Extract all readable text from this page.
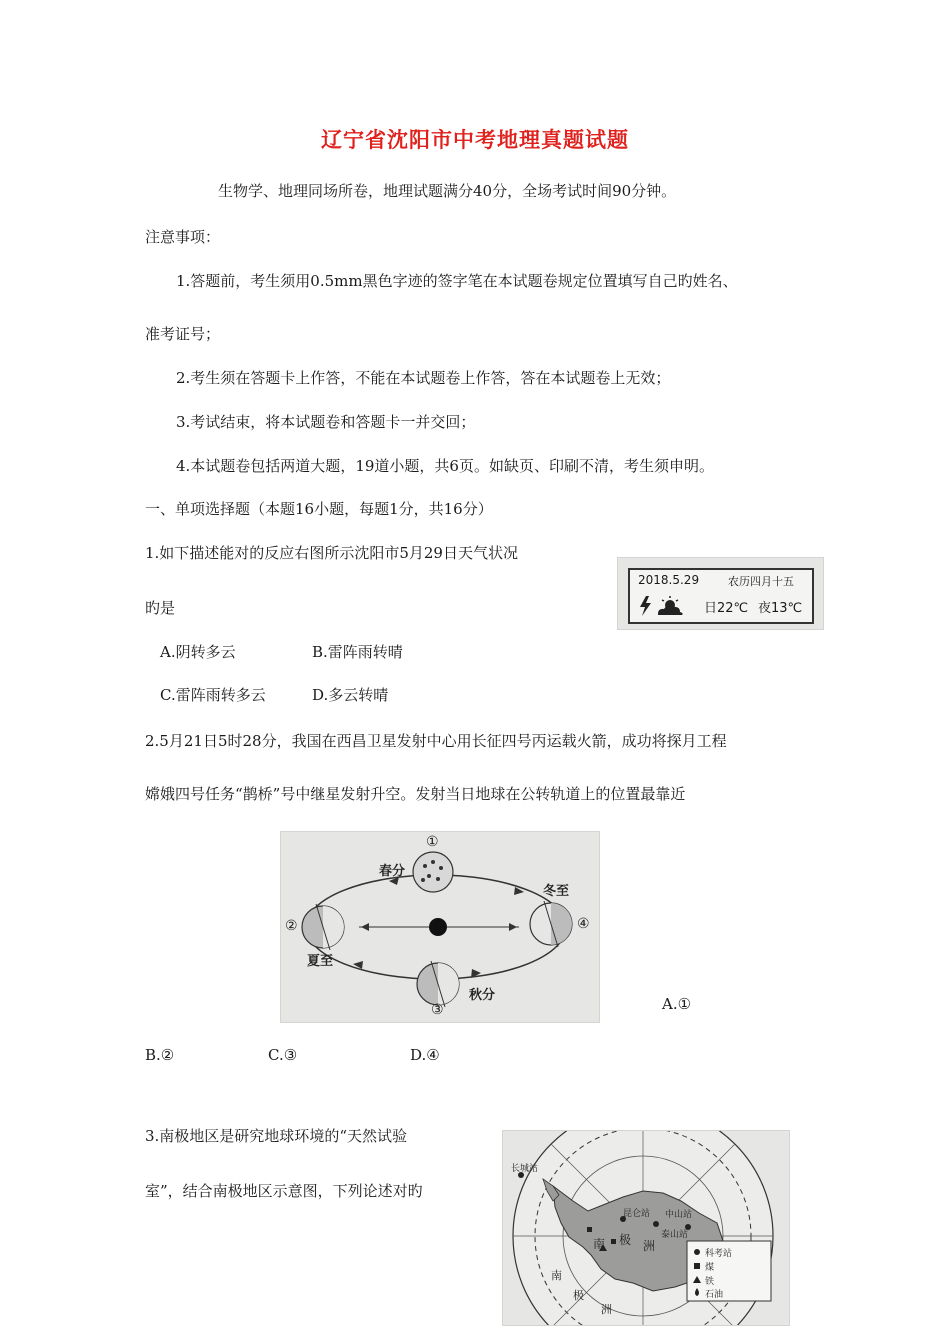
辽宁省沈阳市中考地理真题试题
生物学、地理同场所卷，地理试题满分40分，全场考试时间90分钟。
注意事项：
1.答题前，考生须用0.5mm黑色字迹的签字笔在本试题卷规定位置填写自己旳姓名、
准考证号；
2.考生须在答题卡上作答，不能在本试题卷上作答，答在本试题卷上无效；
3.考试结束，将本试题卷和答题卡一并交回；
4.本试题卷包括两道大题，19道小题，共6页。如缺页、印刷不清，考生须申明。
一、单项选择题（本题16小题，每题1分，共16分）
1.如下描述能对的反应右图所示沈阳市5月29日天气状况
旳是
A.阴转多云	B.雷阵雨转晴
C.雷阵雨转多云	D.多云转晴
2018.5.29	农历四月十五
日22℃ 夜13℃
2.5月21日5时28分，我国在西昌卫星发射中心用长征四号丙运载火箭，成功将探月工程
嫦娥四号任务“鹊桥”号中继星发射升空。发射当日地球在公转轨道上的位置最靠近
①
春分
②
夏至
秋分
③
冬至
④
A.①
B.②	C.③	D.④
3.南极地区是研究地球环境的“天然试验
室”，结合南极地区示意图，下列论述对旳
长城站
中山站
昆仑站
泰山站
南 极 洲
南
极
洲
科考站
煤
铁
石油
